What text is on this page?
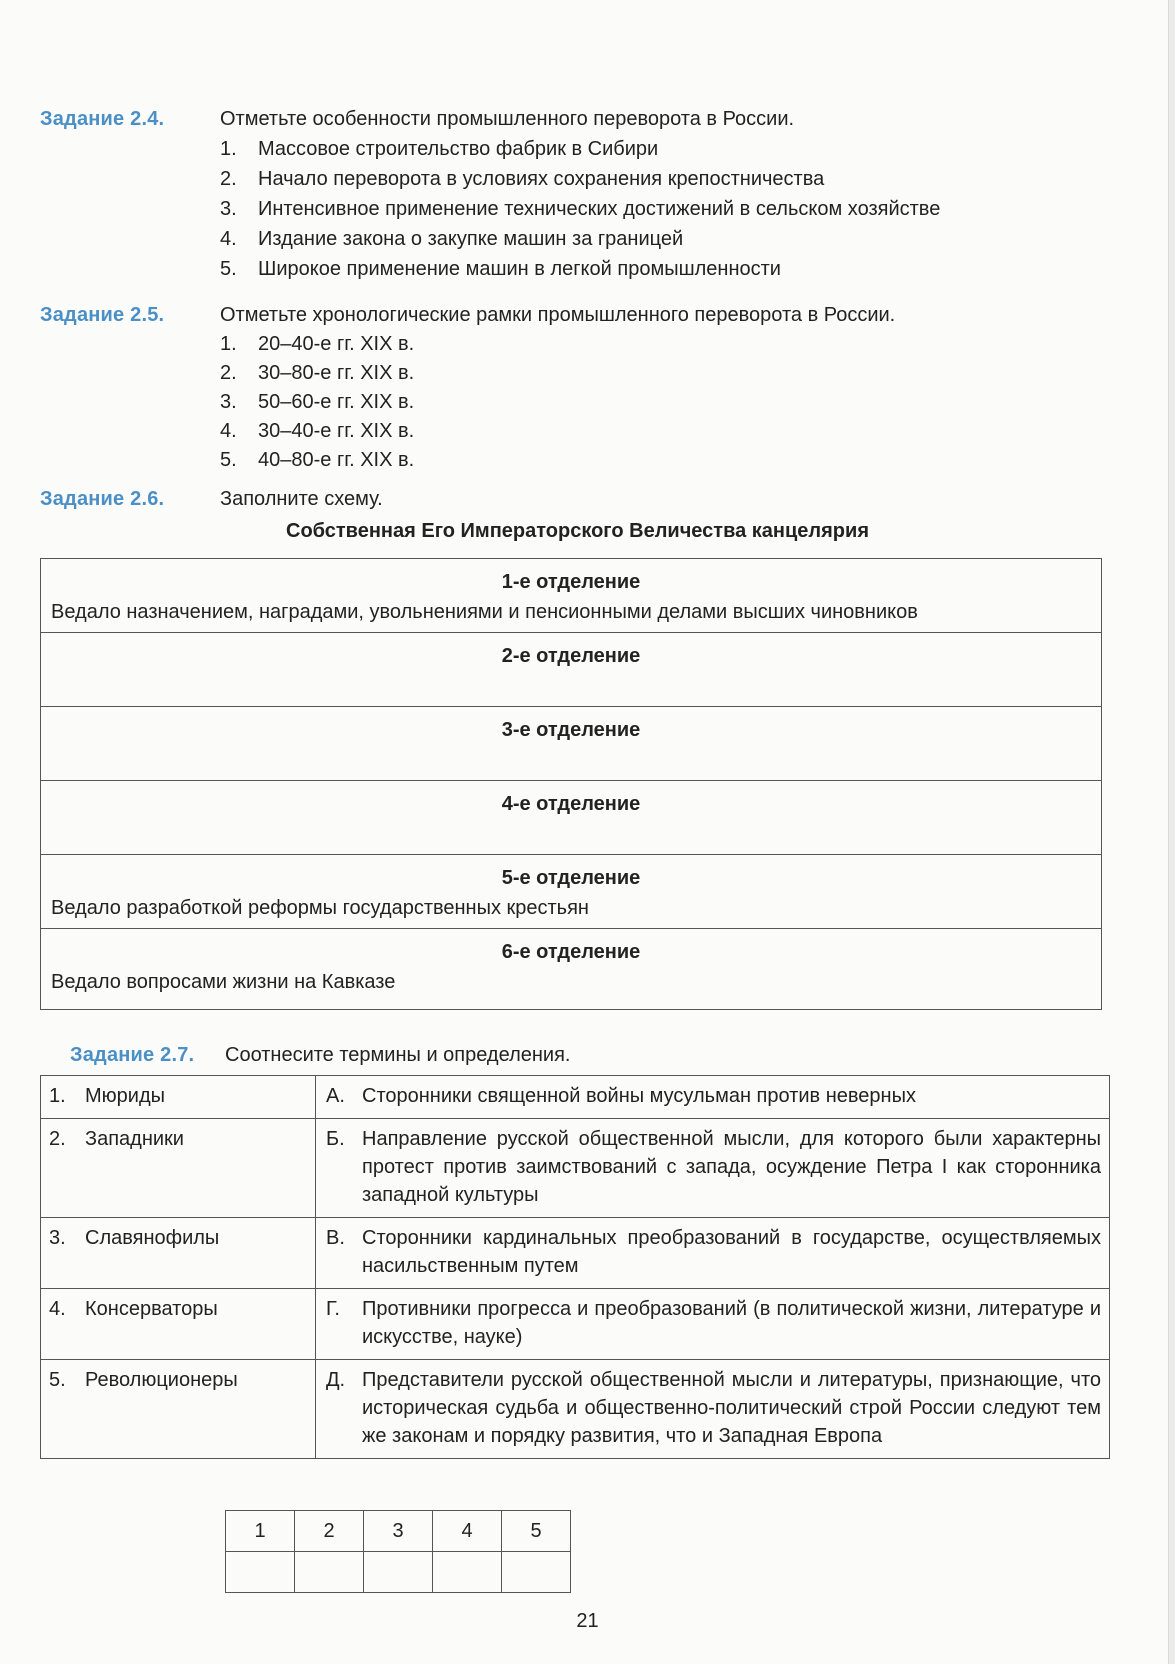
Задание 2.4.	Отметьте особенности промышленного переворота в России.
1.	Массовое строительство фабрик в Сибири
2.	Начало переворота в условиях сохранения крепостничества
3.	Интенсивное применение технических достижений в сельском хозяйстве
4.	Издание закона о закупке машин за границей
5.	Широкое применение машин в легкой промышленности
Задание 2.5.	Отметьте хронологические рамки промышленного переворота в России.
1.	20–40-е гг. XIX в.
2.	30–80-е гг. XIX в.
3.	50–60-е гг. XIX в.
4.	30–40-е гг. XIX в.
5.	40–80-е гг. XIX в.
Задание 2.6.	Заполните схему.
Собственная Его Императорского Величества канцелярия
1-е отделение
Ведало назначением, наградами, увольнениями и пенсионными делами высших чиновников
2-е отделение
3-е отделение
4-е отделение
5-е отделение
Ведало разработкой реформы государственных крестьян
6-е отделение
Ведало вопросами жизни на Кавказе
Задание 2.7.	Соотнесите термины и определения.
1. Мюриды	А. Сторонники священной войны мусульман против неверных

2. Западники	Б. Направление русской общественной мысли, для которого были характерны протест против заимствований с запада, осуждение Петра I как сторонника западной культуры

3. Славянофилы	В. Сторонники кардинальных преобразований в государстве, осуществляемых насильственным путем

4. Консерваторы	Г. Противники прогресса и преобразований (в политической жизни, литературе и искусстве, науке)

5. Революционеры	Д. Представители русской общественной мысли и литературы, признающие, что историческая судьба и общественно-политический строй России следуют тем же законам и порядку развития, что и Западная Европа
1	2	3	4	5

21
